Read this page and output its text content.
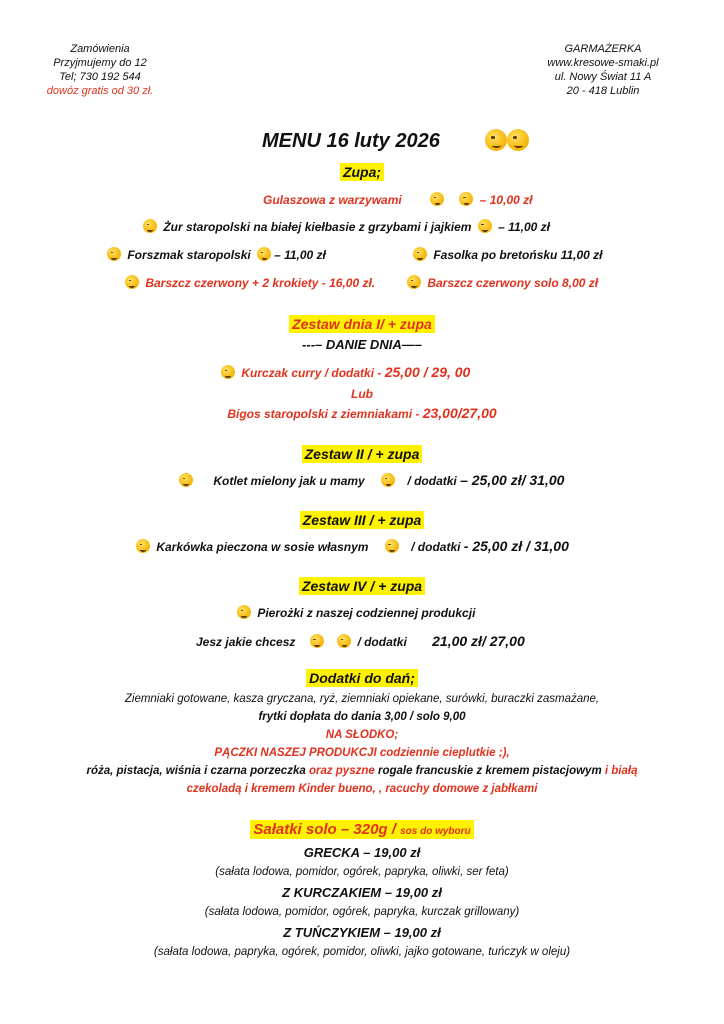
Zamówienia
Przyjmujemy do 12
Tel; 730 192 544
dowóz gratis od 30 zł.
GARMAŻERKA
www.kresowe-smaki.pl
ul. Nowy Świat 11 A
20 - 418 Lublin
MENU 16 luty 2026
Zupa;
Gulaszowa z warzywami	– 10,00 zł
Żur staropolski na białej kiełbasie z grzybami i jajkiem – 11,00 zł
Forszmak staropolski – 11,00 zł	Fasolka po bretońsku 11,00 zł
Barszcz czerwony + 2 krokiety - 16,00 zł.	Barszcz czerwony solo 8,00 zł
Zestaw dnia I/ + zupa
---– DANIE DNIA—–
Kurczak curry / dodatki - 25,00 / 29, 00
Lub
Bigos staropolski z ziemniakami - 23,00/27,00
Zestaw II / + zupa
Kotlet mielony jak u mamy	/ dodatki – 25,00 zł/ 31,00
Zestaw III / + zupa
Karkówka pieczona w sosie własnym	/ dodatki - 25,00 zł / 31,00
Zestaw IV / + zupa
Pierożki z naszej codziennej produkcji
Jesz jakie chcesz	/ dodatki 21,00 zł/ 27,00
Dodatki do dań;
Ziemniaki gotowane, kasza gryczana, ryż, ziemniaki opiekane, surówki, buraczki zasmażane,
frytki dopłata do dania 3,00 / solo 9,00
NA SŁODKO;
PĄCZKI NASZEJ PRODUKCJI codziennie cieplutkie ;),
róża, pistacja, wiśnia i czarna porzeczka oraz pyszne rogale francuskie z kremem pistacjowym i białą
czekoladą i kremem Kinder bueno, , racuchy domowe z jabłkami
Sałatki solo – 320g / sos do wyboru
GRECKA – 19,00 zł
(sałata lodowa, pomidor, ogórek, papryka, oliwki, ser feta)
Z KURCZAKIEM – 19,00 zł
(sałata lodowa, pomidor, ogórek, papryka, kurczak grillowany)
Z TUŃCZYKIEM – 19,00 zł
(sałata lodowa, papryka, ogórek, pomidor, oliwki, jajko gotowane, tuńczyk w oleju)
